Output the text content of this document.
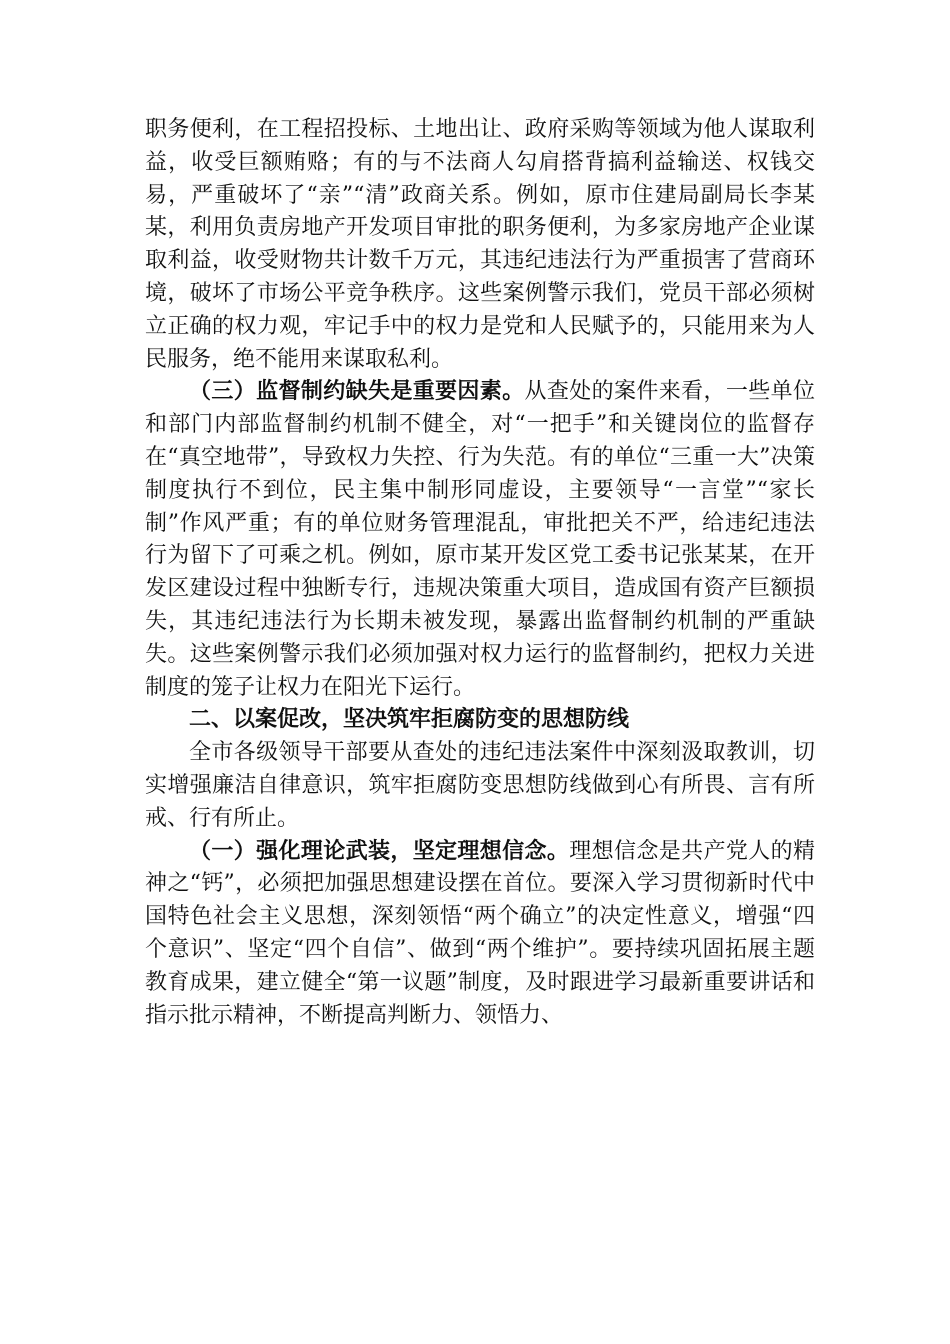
职务便利，在工程招投标、土地出让、政府采购等领域为他人谋取利益，收受巨额贿赂；有的与不法商人勾肩搭背搞利益输送、权钱交易，严重破坏了“亲”“清”政商关系。例如，原市住建局副局长李某某，利用负责房地产开发项目审批的职务便利，为多家房地产企业谋取利益，收受财物共计数千万元，其违纪违法行为严重损害了营商环境，破坏了市场公平竞争秩序。这些案例警示我们，党员干部必须树立正确的权力观，牢记手中的权力是党和人民赋予的，只能用来为人民服务，绝不能用来谋取私利。

（三）监督制约缺失是重要因素。从查处的案件来看，一些单位和部门内部监督制约机制不健全，对“一把手”和关键岗位的监督存在“真空地带”，导致权力失控、行为失范。有的单位“三重一大”决策制度执行不到位，民主集中制形同虚设，主要领导“一言堂”“家长制”作风严重；有的单位财务管理混乱，审批把关不严，给违纪违法行为留下了可乘之机。例如，原市某开发区党工委书记张某某，在开发区建设过程中独断专行，违规决策重大项目，造成国有资产巨额损失，其违纪违法行为长期未被发现，暴露出监督制约机制的严重缺失。这些案例警示我们必须加强对权力运行的监督制约，把权力关进制度的笼子让权力在阳光下运行。

二、以案促改，坚决筑牢拒腐防变的思想防线

全市各级领导干部要从查处的违纪违法案件中深刻汲取教训，切实增强廉洁自律意识，筑牢拒腐防变思想防线做到心有所畏、言有所戒、行有所止。

（一）强化理论武装，坚定理想信念。理想信念是共产党人的精神之“钙”，必须把加强思想建设摆在首位。要深入学习贯彻新时代中国特色社会主义思想，深刻领悟“两个确立”的决定性意义，增强“四个意识”、坚定“四个自信”、做到“两个维护”。要持续巩固拓展主题教育成果，建立健全“第一议题”制度，及时跟进学习最新重要讲话和指示批示精神，不断提高判断力、领悟力、
